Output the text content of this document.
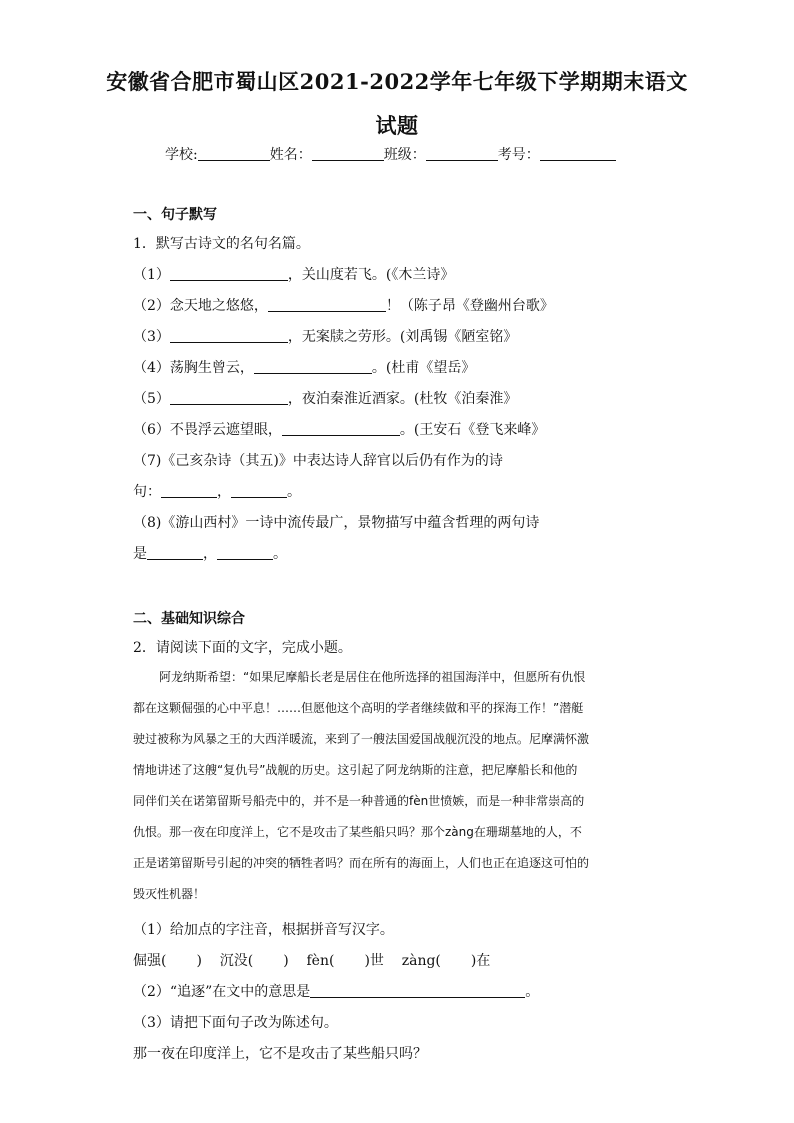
安徽省合肥市蜀山区2021-2022学年七年级下学期期末语文
试题
学校:	姓名：	班级：	考号：
一、句子默写
1．默写古诗文的名句名篇。
（1）	，关山度若飞。(《木兰诗》
（2）念天地之悠悠，	！（陈子昂《登幽州台歌》
（3）	，无案牍之劳形。(刘禹锡《陋室铭》
（4）荡胸生曾云，	。(杜甫《望岳》
（5）	，夜泊秦淮近酒家。(杜牧《泊秦淮》
（6）不畏浮云遮望眼，	。(王安石《登飞来峰》
（7)《己亥杂诗（其五)》中表达诗人辞官以后仍有作为的诗
句：	，	。
（8)《游山西村》一诗中流传最广，景物描写中蕴含哲理的两句诗
是	，	。
二、基础知识综合
2．请阅读下面的文字，完成小题。
阿龙纳斯希望：“如果尼摩船长老是居住在他所选择的祖国海洋中，但愿所有仇恨
都在这颗倔强的心中平息！……但愿他这个高明的学者继续做和平的探海工作！”潜艇
驶过被称为风暴之王的大西洋暖流，来到了一艘法国爱国战舰沉没的地点。尼摩满怀激
情地讲述了这艘“复仇号”战舰的历史。这引起了阿龙纳斯的注意，把尼摩船长和他的
同伴们关在诺第留斯号船壳中的，并不是一种普通的fèn世愤嫉，而是一种非常崇高的
仇恨。那一夜在印度洋上，它不是攻击了某些船只吗？那个zàng在珊瑚墓地的人，不
正是诺第留斯号引起的冲突的牺牲者吗？而在所有的海面上，人们也正在追逐这可怕的
毁灭性机器！
（1）给加点的字注音，根据拼音写汉字。
倔强( ) 沉没( ) fèn( )世 zàng( )在
（2）“追逐”在文中的意思是	。
（3）请把下面句子改为陈述句。
那一夜在印度洋上，它不是攻击了某些船只吗？
